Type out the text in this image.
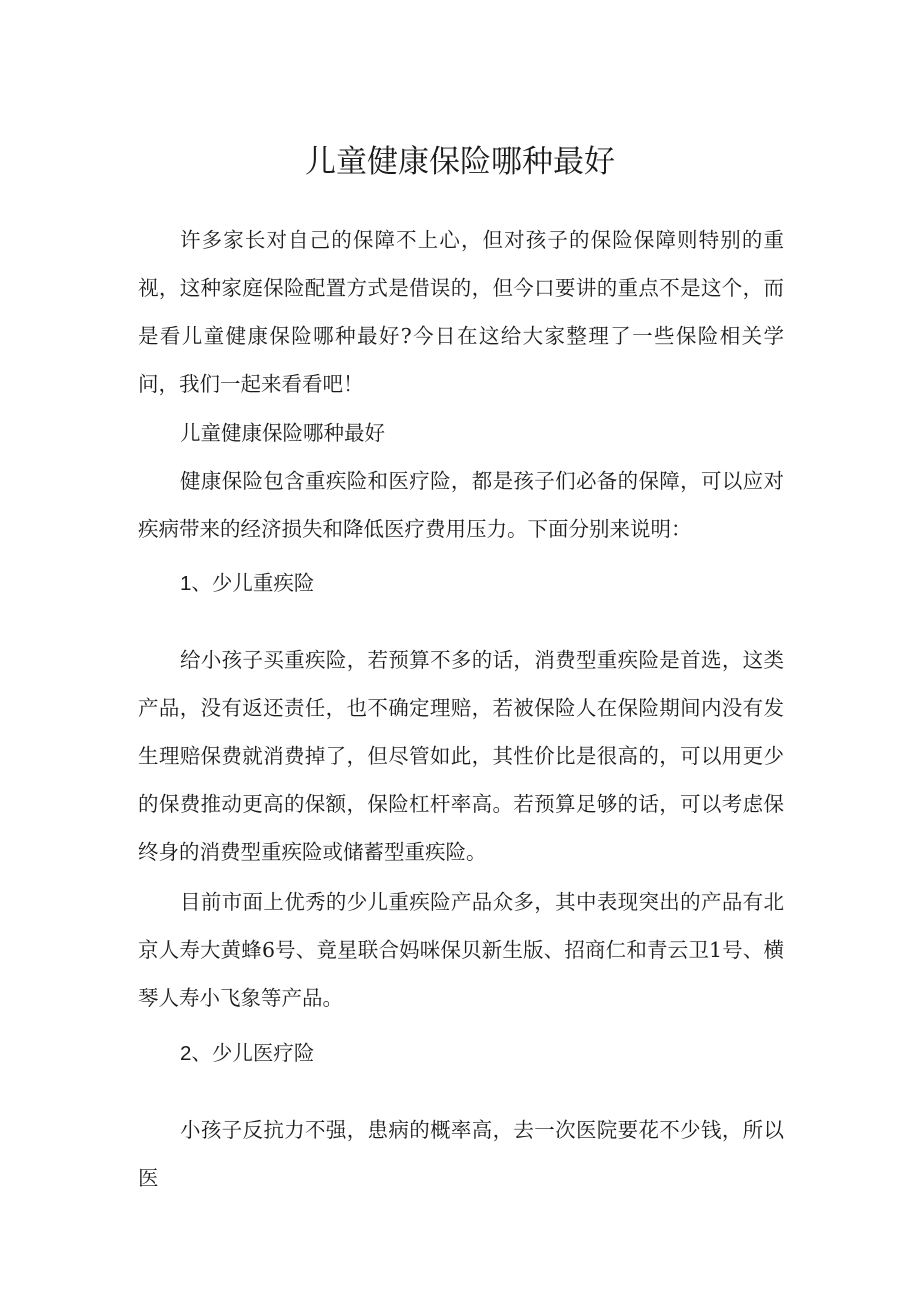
儿童健康保险哪种最好

许多家长对自己的保障不上心，但对孩子的保险保障则特别的重视，这种家庭保险配置方式是借误的，但今口要讲的重点不是这个，而是看儿童健康保险哪种最好?今日在这给大家整理了一些保险相关学问，我们一起来看看吧！

儿童健康保险哪种最好

健康保险包含重疾险和医疗险，都是孩子们必备的保障，可以应对疾病带来的经济损失和降低医疗费用压力。下面分别来说明：

1、少儿重疾险

给小孩子买重疾险，若预算不多的话，消费型重疾险是首选，这类产品，没有返还责任，也不确定理赔，若被保险人在保险期间内没有发生理赔保费就消费掉了，但尽管如此，其性价比是很高的，可以用更少的保费推动更高的保额，保险杠杆率高。若预算足够的话，可以考虑保终身的消费型重疾险或储蓄型重疾险。

目前市面上优秀的少儿重疾险产品众多，其中表现突出的产品有北京人寿大黄蜂6号、竟星联合妈咪保贝新生版、招商仁和青云卫1号、横琴人寿小飞象等产品。

2、少儿医疗险

小孩子反抗力不强，患病的概率高，去一次医院要花不少钱，所以医
